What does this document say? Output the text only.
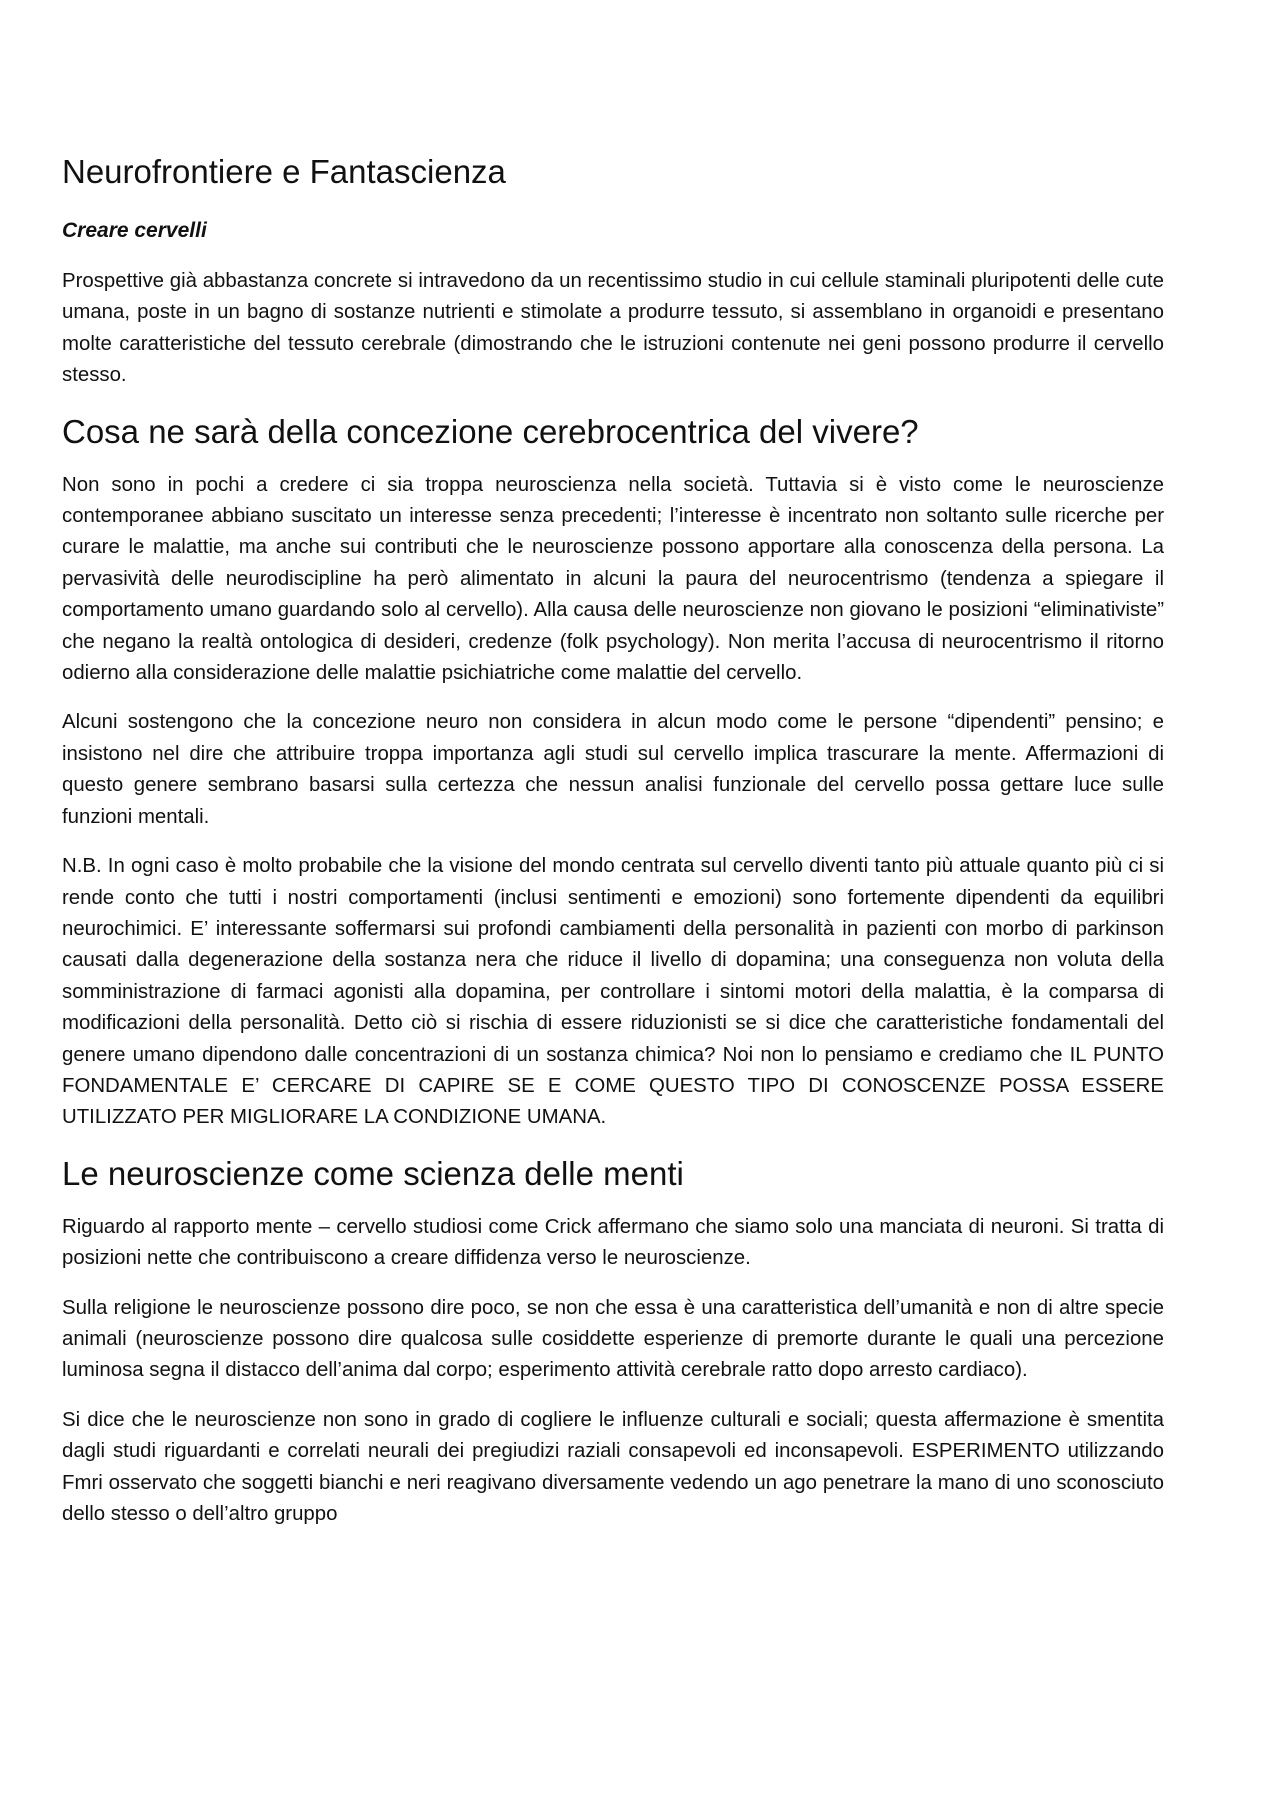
Neurofrontiere e Fantascienza
Creare cervelli

Prospettive già abbastanza concrete si intravedono da un recentissimo studio in cui cellule staminali pluripotenti delle cute umana, poste in un bagno di sostanze nutrienti e stimolate a produrre tessuto, si assemblano in organoidi e presentano molte caratteristiche del tessuto cerebrale (dimostrando che le istruzioni contenute nei geni possono produrre il cervello stesso.

Cosa ne sarà della concezione cerebrocentrica del vivere?

Non sono in pochi a credere ci sia troppa neuroscienza nella società. Tuttavia si è visto come le neuroscienze contemporanee abbiano suscitato un interesse senza precedenti; l’interesse è incentrato non soltanto sulle ricerche per curare le malattie, ma anche sui contributi che le neuroscienze possono apportare alla conoscenza della persona. La pervasività delle neurodiscipline ha però alimentato in alcuni la paura del neurocentrismo (tendenza a spiegare il comportamento umano guardando solo al cervello). Alla causa delle neuroscienze non giovano le posizioni “eliminativiste” che negano la realtà ontologica di desideri, credenze (folk psychology). Non merita l’accusa di neurocentrismo il ritorno odierno alla considerazione delle malattie psichiatriche come malattie del cervello.

Alcuni sostengono che la concezione neuro non considera in alcun modo come le persone “dipendenti” pensino; e insistono nel dire che attribuire troppa importanza agli studi sul cervello implica trascurare la mente. Affermazioni di questo genere sembrano basarsi sulla certezza che nessun analisi funzionale del cervello possa gettare luce sulle funzioni mentali.

N.B. In ogni caso è molto probabile che la visione del mondo centrata sul cervello diventi tanto più attuale quanto più ci si rende conto che tutti i nostri comportamenti (inclusi sentimenti e emozioni) sono fortemente dipendenti da equilibri neurochimici. E’ interessante soffermarsi sui profondi cambiamenti della personalità in pazienti con morbo di parkinson causati dalla degenerazione della sostanza nera che riduce il livello di dopamina; una conseguenza non voluta della somministrazione di farmaci agonisti alla dopamina, per controllare i sintomi motori della malattia, è la comparsa di modificazioni della personalità. Detto ciò si rischia di essere riduzionisti se si dice che caratteristiche fondamentali del genere umano dipendono dalle concentrazioni di un sostanza chimica? Noi non lo pensiamo e crediamo che IL PUNTO FONDAMENTALE E’ CERCARE DI CAPIRE SE E COME QUESTO TIPO DI CONOSCENZE POSSA ESSERE UTILIZZATO PER MIGLIORARE LA CONDIZIONE UMANA.

Le neuroscienze come scienza delle menti

Riguardo al rapporto mente – cervello studiosi come Crick affermano che siamo solo una manciata di neuroni. Si tratta di posizioni nette che contribuiscono a creare diffidenza verso le neuroscienze.

Sulla religione le neuroscienze possono dire poco, se non che essa è una caratteristica dell’umanità e non di altre specie animali (neuroscienze possono dire qualcosa sulle cosiddette esperienze di premorte durante le quali una percezione luminosa segna il distacco dell’anima dal corpo; esperimento attività cerebrale ratto dopo arresto cardiaco).

Si dice che le neuroscienze non sono in grado di cogliere le influenze culturali e sociali; questa affermazione è smentita dagli studi riguardanti e correlati neurali dei pregiudizi raziali consapevoli ed inconsapevoli. ESPERIMENTO utilizzando Fmri osservato che soggetti bianchi e neri reagivano diversamente vedendo un ago penetrare la mano di uno sconosciuto dello stesso o dell’altro gruppo
